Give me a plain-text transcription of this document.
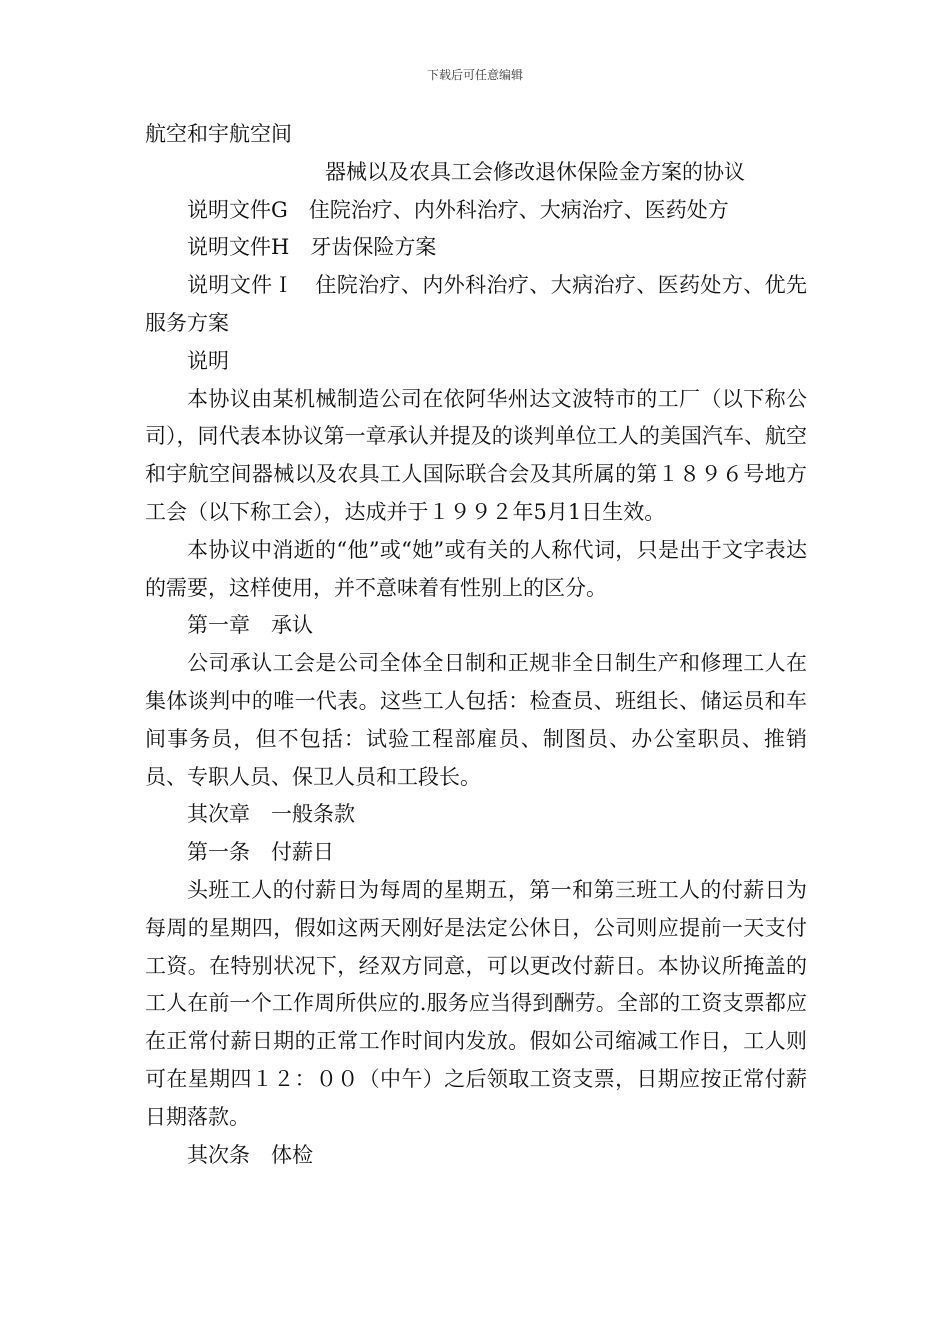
下载后可任意编辑

航空和宇航空间

器械以及农具工会修改退休保险金方案的协议

说明文件G　住院治疗、内外科治疗、大病治疗、医药处方

说明文件H　牙齿保险方案

说明文件Ｉ　住院治疗、内外科治疗、大病治疗、医药处方、优先服务方案

说明

本协议由某机械制造公司在依阿华州达文波特市的工厂（以下称公司），同代表本协议第一章承认并提及的谈判单位工人的美国汽车、航空和宇航空间器械以及农具工人国际联合会及其所属的第１８９６号地方工会（以下称工会），达成并于１９９２年5月1日生效。

本协议中消逝的“他”或“她”或有关的人称代词，只是出于文字表达的需要，这样使用，并不意味着有性别上的区分。

第一章　承认

公司承认工会是公司全体全日制和正规非全日制生产和修理工人在集体谈判中的唯一代表。这些工人包括：检查员、班组长、储运员和车间事务员，但不包括：试验工程部雇员、制图员、办公室职员、推销员、专职人员、保卫人员和工段长。

其次章　一般条款

第一条　付薪日

头班工人的付薪日为每周的星期五，第一和第三班工人的付薪日为每周的星期四，假如这两天刚好是法定公休日，公司则应提前一天支付工资。在特别状况下，经双方同意，可以更改付薪日。本协议所掩盖的工人在前一个工作周所供应的.服务应当得到酬劳。全部的工资支票都应在正常付薪日期的正常工作时间内发放。假如公司缩减工作日，工人则可在星期四１２：００（中午）之后领取工资支票，日期应按正常付薪日期落款。

其次条　体检
